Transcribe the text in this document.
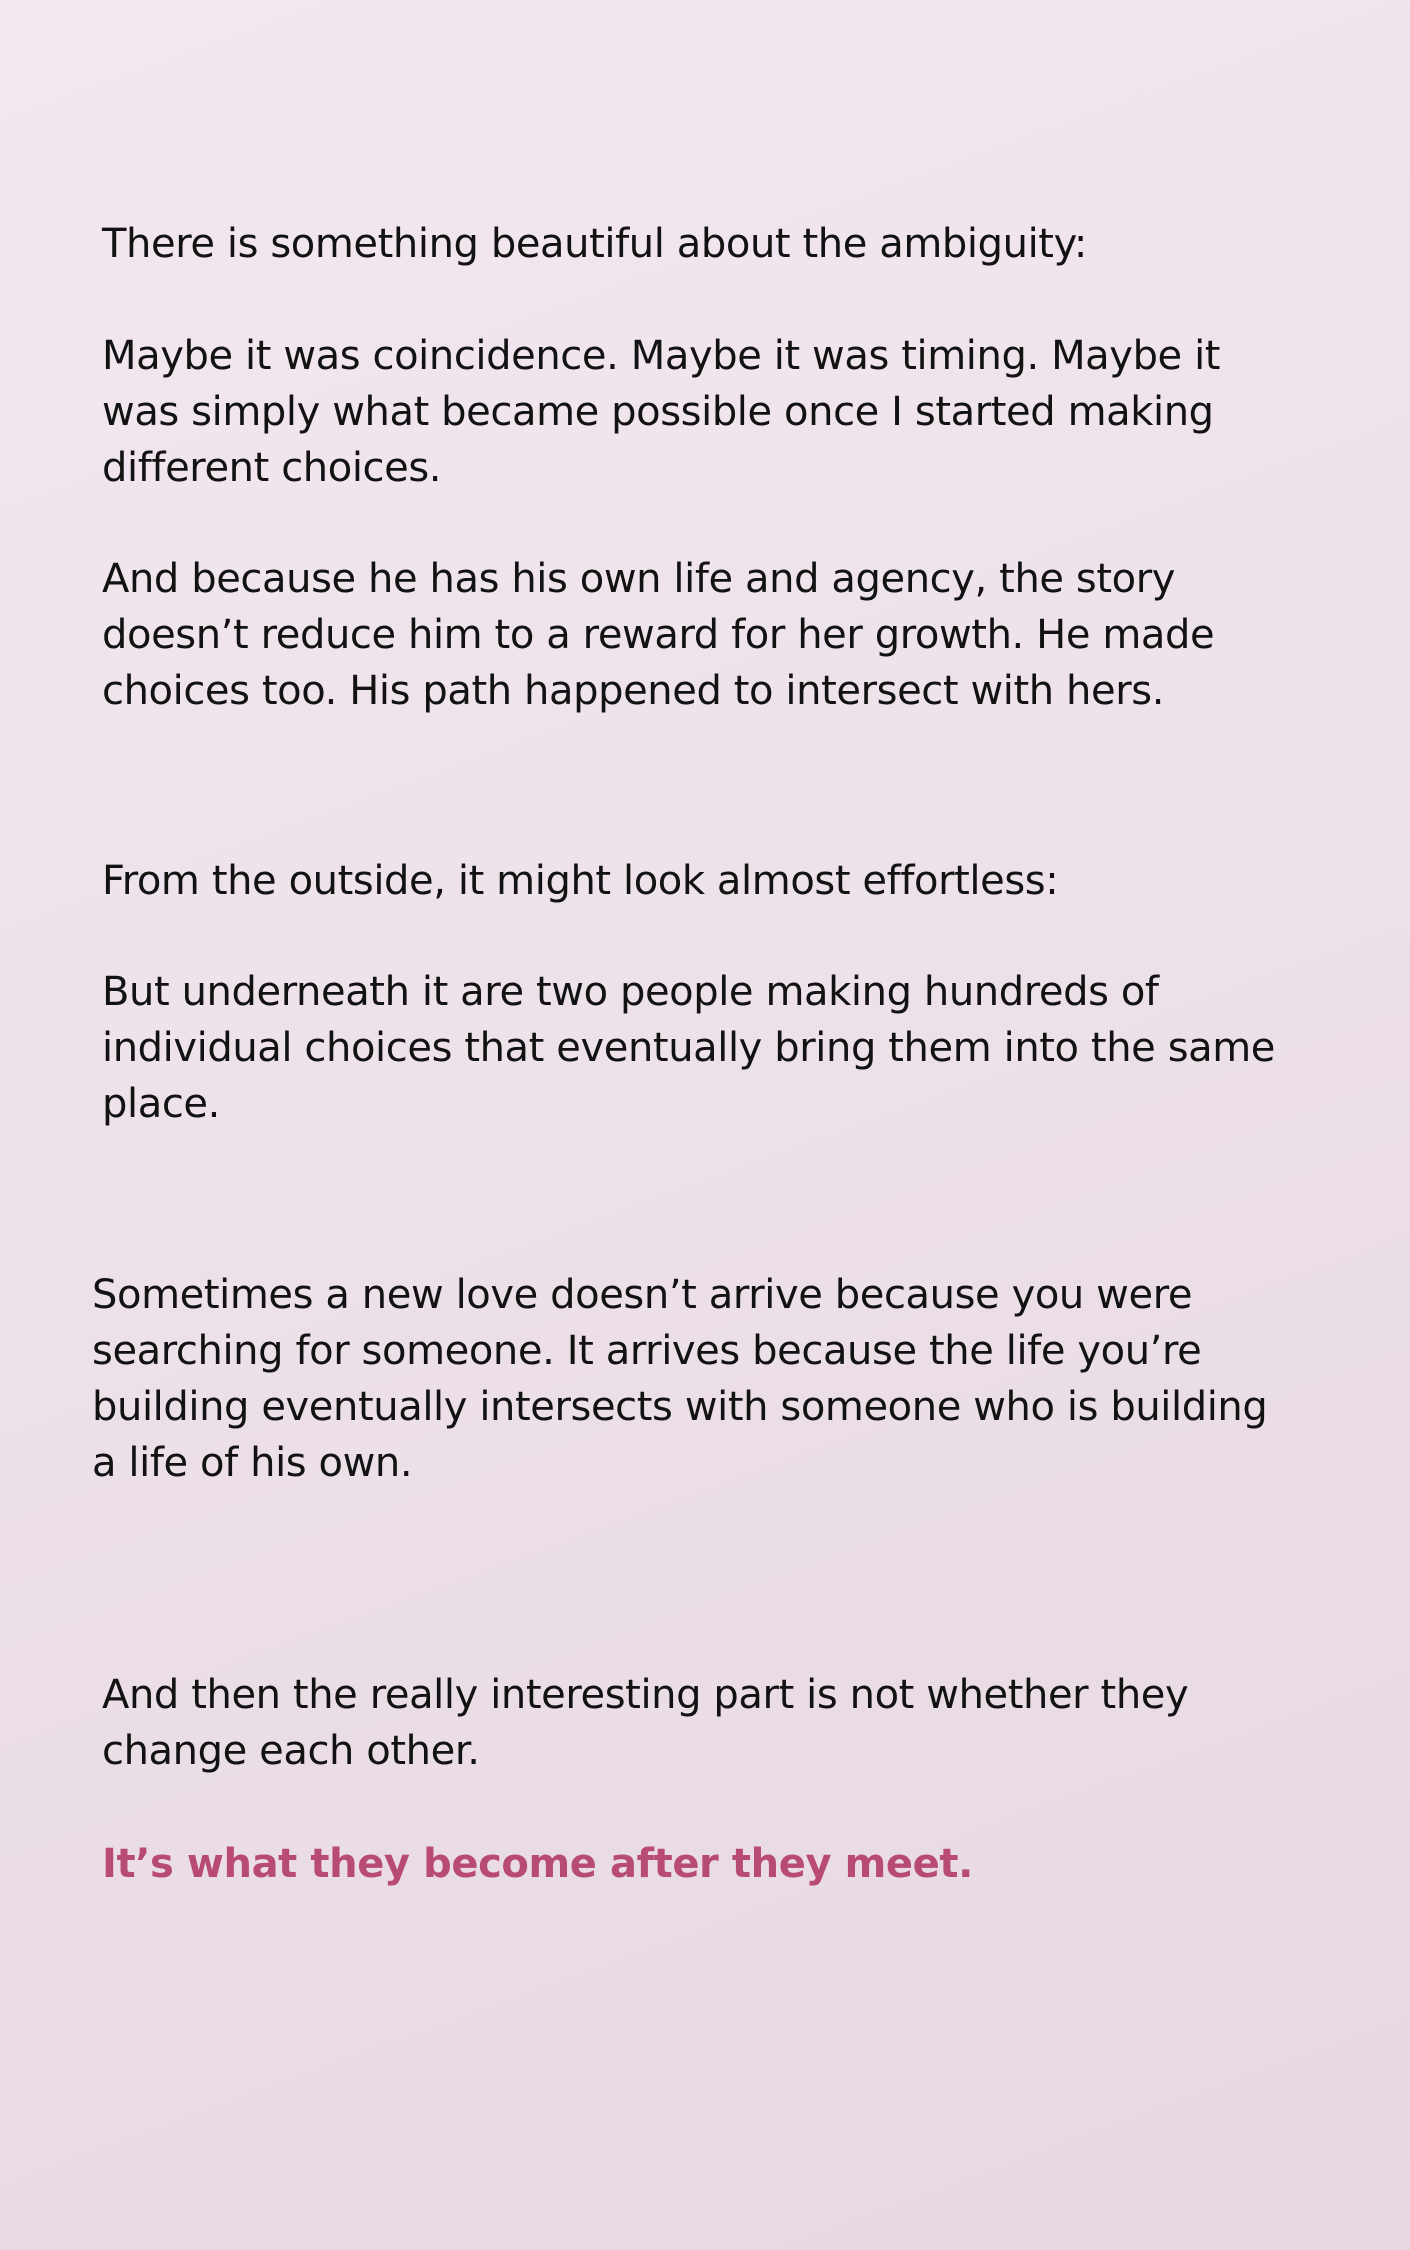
There is something beautiful about the ambiguity:

Maybe it was coincidence. Maybe it was timing. Maybe it
was simply what became possible once I started making
different choices.

And because he has his own life and agency, the story
doesn’t reduce him to a reward for her growth. He made
choices too. His path happened to intersect with hers.

From the outside, it might look almost effortless:

But underneath it are two people making hundreds of
individual choices that eventually bring them into the same
place.

Sometimes a new love doesn’t arrive because you were
searching for someone. It arrives because the life you’re
building eventually intersects with someone who is building
a life of his own.

And then the really interesting part is not whether they
change each other.

It’s what they become after they meet.
